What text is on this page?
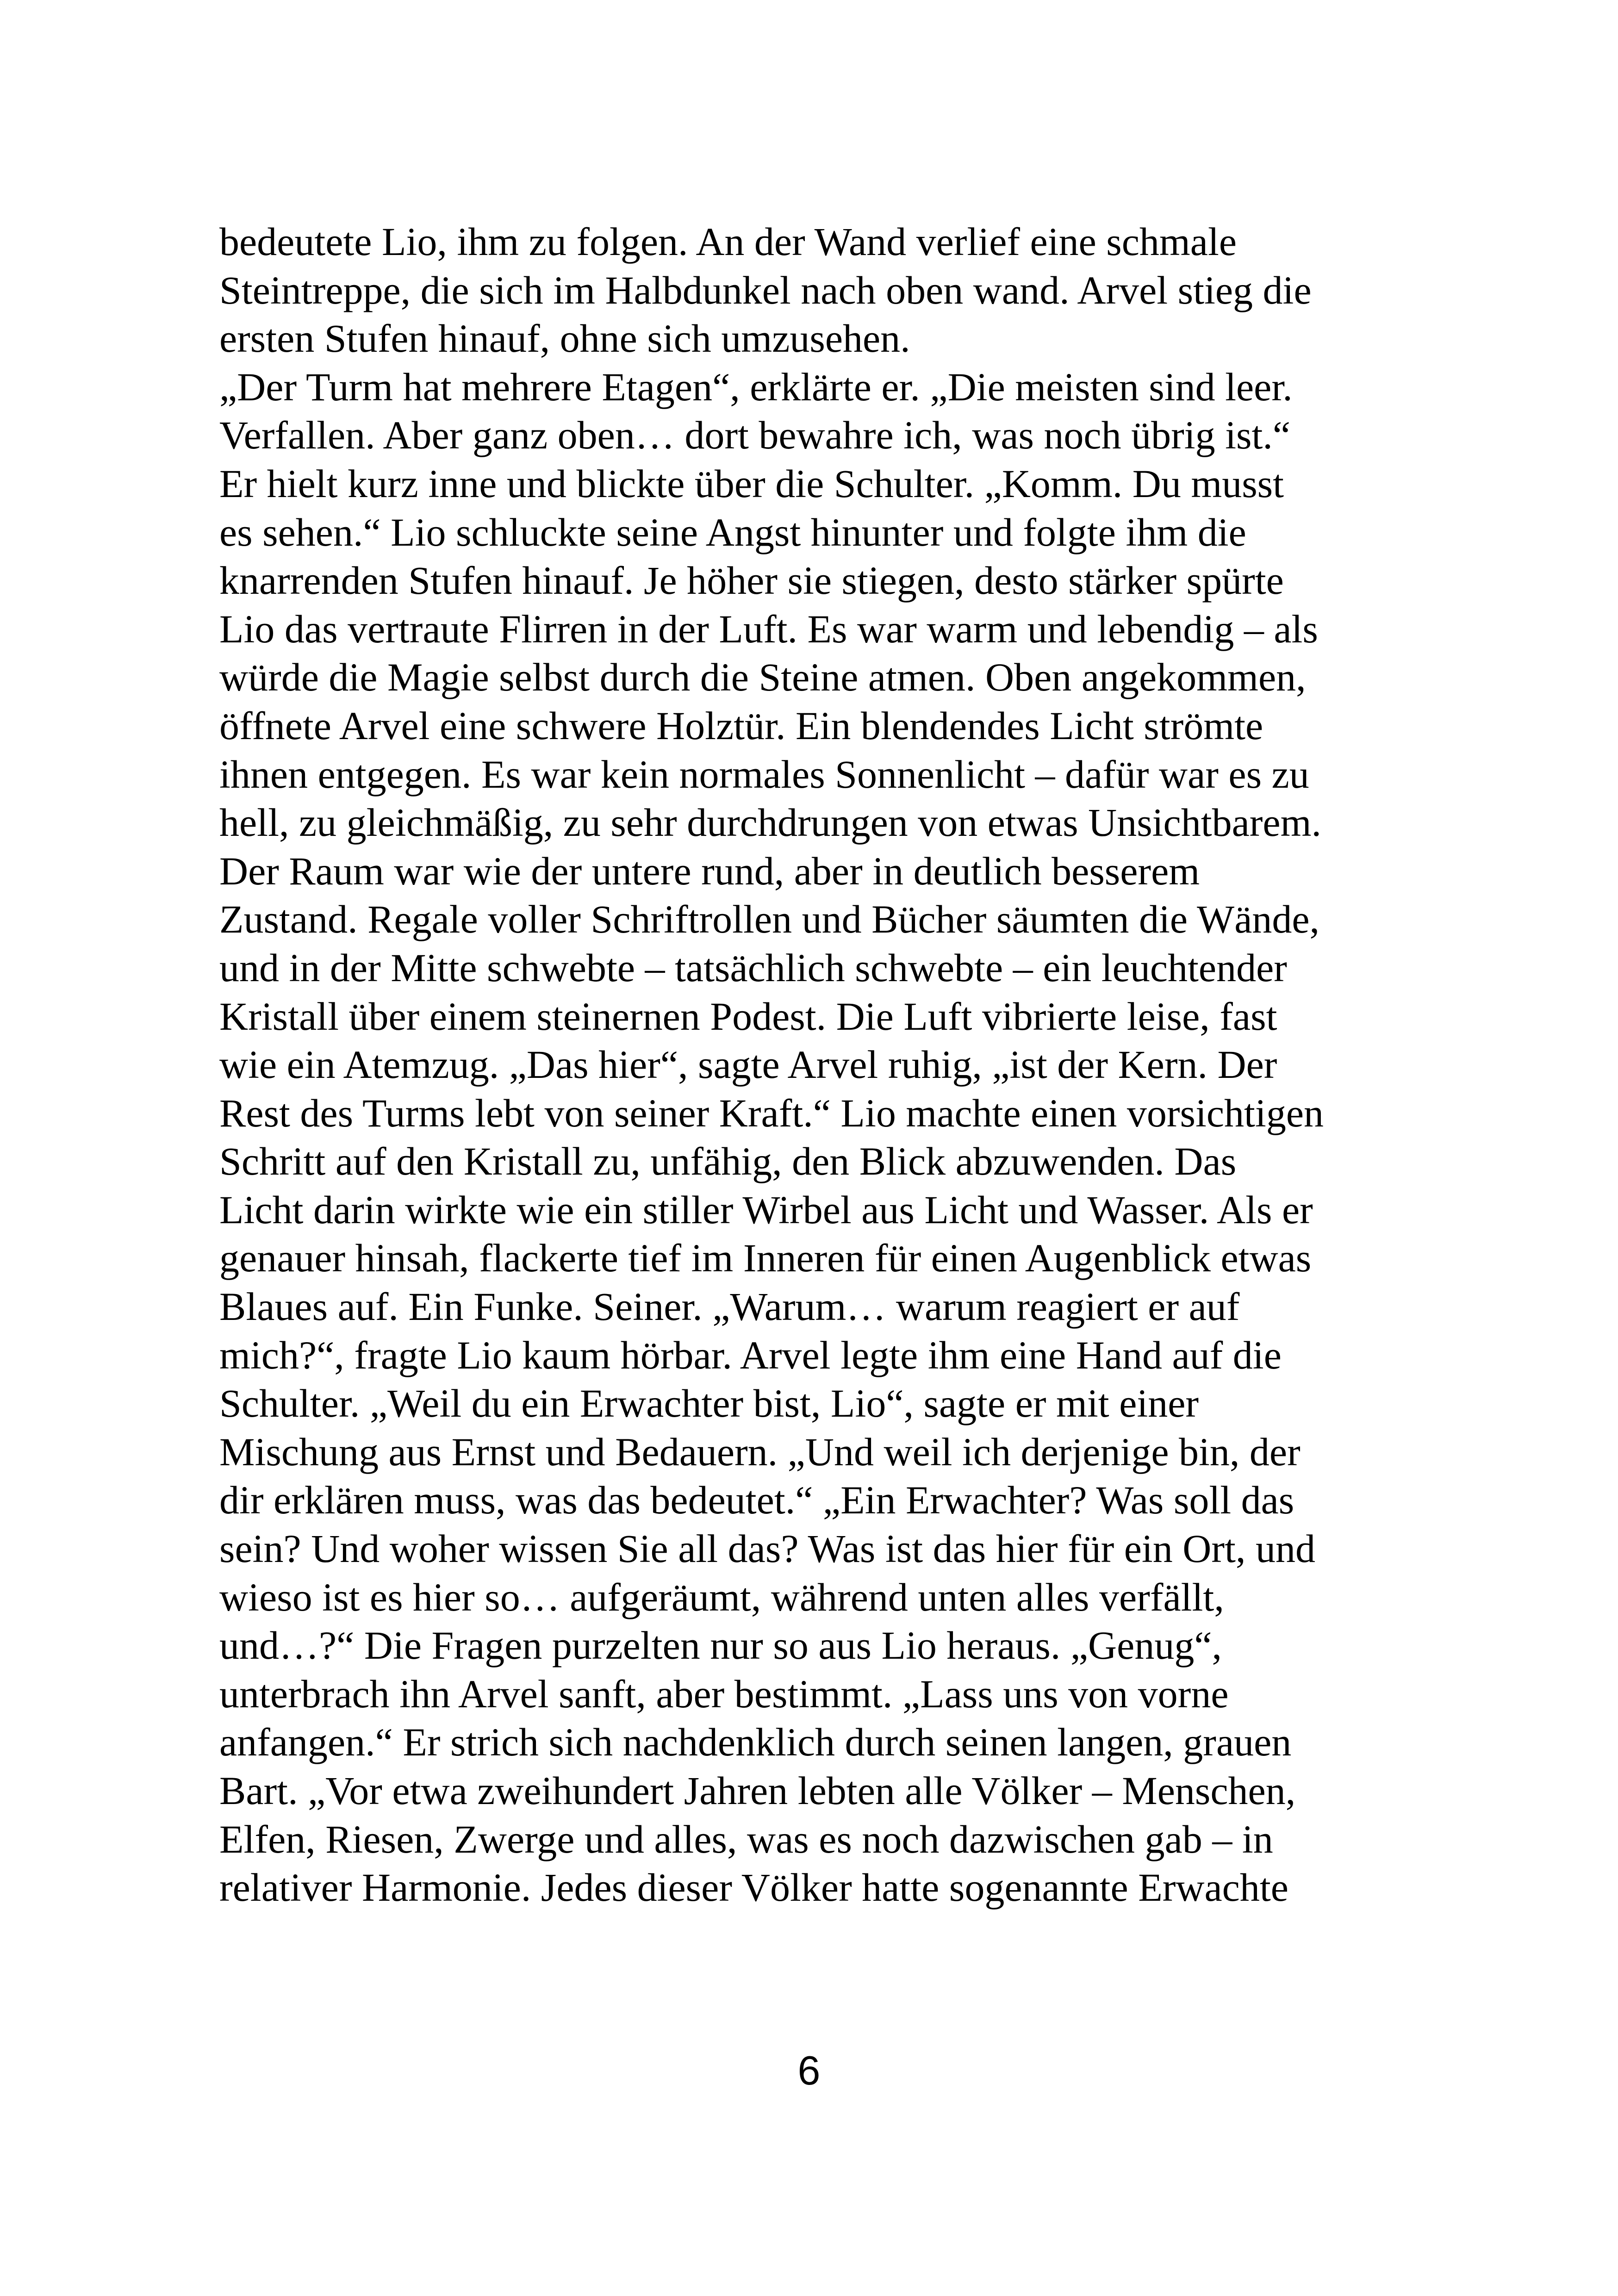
bedeutete Lio, ihm zu folgen. An der Wand verlief eine schmale
Steintreppe, die sich im Halbdunkel nach oben wand. Arvel stieg die
ersten Stufen hinauf, ohne sich umzusehen.
„Der Turm hat mehrere Etagen“, erklärte er. „Die meisten sind leer.
Verfallen. Aber ganz oben… dort bewahre ich, was noch übrig ist.“
Er hielt kurz inne und blickte über die Schulter. „Komm. Du musst
es sehen.“ Lio schluckte seine Angst hinunter und folgte ihm die
knarrenden Stufen hinauf. Je höher sie stiegen, desto stärker spürte
Lio das vertraute Flirren in der Luft. Es war warm und lebendig – als
würde die Magie selbst durch die Steine atmen. Oben angekommen,
öffnete Arvel eine schwere Holztür. Ein blendendes Licht strömte
ihnen entgegen. Es war kein normales Sonnenlicht – dafür war es zu
hell, zu gleichmäßig, zu sehr durchdrungen von etwas Unsichtbarem.
Der Raum war wie der untere rund, aber in deutlich besserem
Zustand. Regale voller Schriftrollen und Bücher säumten die Wände,
und in der Mitte schwebte – tatsächlich schwebte – ein leuchtender
Kristall über einem steinernen Podest. Die Luft vibrierte leise, fast
wie ein Atemzug. „Das hier“, sagte Arvel ruhig, „ist der Kern. Der
Rest des Turms lebt von seiner Kraft.“ Lio machte einen vorsichtigen
Schritt auf den Kristall zu, unfähig, den Blick abzuwenden. Das
Licht darin wirkte wie ein stiller Wirbel aus Licht und Wasser. Als er
genauer hinsah, flackerte tief im Inneren für einen Augenblick etwas
Blaues auf. Ein Funke. Seiner. „Warum… warum reagiert er auf
mich?“, fragte Lio kaum hörbar. Arvel legte ihm eine Hand auf die
Schulter. „Weil du ein Erwachter bist, Lio“, sagte er mit einer
Mischung aus Ernst und Bedauern. „Und weil ich derjenige bin, der
dir erklären muss, was das bedeutet.“ „Ein Erwachter? Was soll das
sein? Und woher wissen Sie all das? Was ist das hier für ein Ort, und
wieso ist es hier so… aufgeräumt, während unten alles verfällt,
und…?“ Die Fragen purzelten nur so aus Lio heraus. „Genug“,
unterbrach ihn Arvel sanft, aber bestimmt. „Lass uns von vorne
anfangen.“ Er strich sich nachdenklich durch seinen langen, grauen
Bart. „Vor etwa zweihundert Jahren lebten alle Völker – Menschen,
Elfen, Riesen, Zwerge und alles, was es noch dazwischen gab – in
relativer Harmonie. Jedes dieser Völker hatte sogenannte Erwachte
6
